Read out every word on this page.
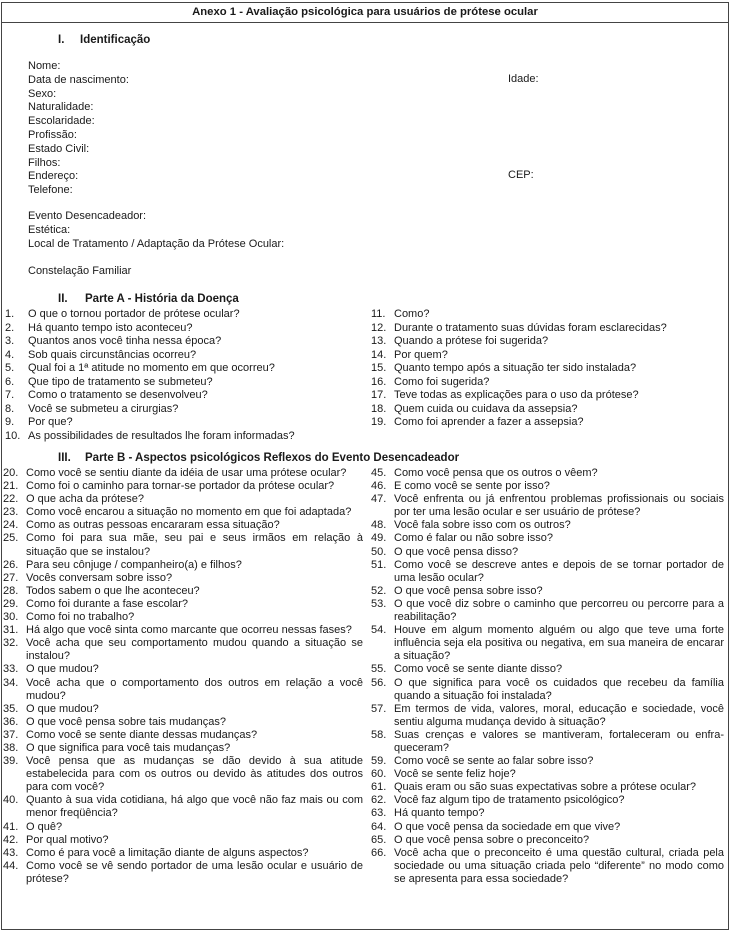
Anexo 1 - Avaliação psicológica para usuários de prótese ocular
I. Identificação
Nome:
Data de nascimento:
Sexo:
Naturalidade:
Escolaridade:
Profissão:
Estado Civil:
Filhos:
Endereço:
Telefone:
Idade:
CEP:
Evento Desencadeador:
Estética:
Local de Tratamento / Adaptação da Prótese Ocular:
Constelação Familiar
II. Parte A - História da Doença
1. O que o tornou portador de prótese ocular?
2. Há quanto tempo isto aconteceu?
3. Quantos anos você tinha nessa época?
4. Sob quais circunstâncias ocorreu?
5. Qual foi a 1ª atitude no momento em que ocorreu?
6. Que tipo de tratamento se submeteu?
7. Como o tratamento se desenvolveu?
8. Você se submeteu a cirurgias?
9. Por que?
10. As possibilidades de resultados lhe foram informadas?
11. Como?
12. Durante o tratamento suas dúvidas foram esclarecidas?
13. Quando a prótese foi sugerida?
14. Por quem?
15. Quanto tempo após a situação ter sido instalada?
16. Como foi sugerida?
17. Teve todas as explicações para o uso da prótese?
18. Quem cuida ou cuidava da assepsia?
19. Como foi aprender a fazer a assepsia?
III. Parte B - Aspectos psicológicos Reflexos do Evento Desencadeador
20. Como você se sentiu diante da idéia de usar uma prótese ocular?
21. Como foi o caminho para tornar-se portador da prótese ocular?
22. O que acha da prótese?
23. Como você encarou a situação no momento em que foi adaptada?
24. Como as outras pessoas encararam essa situação?
25. Como foi para sua mãe, seu pai e seus irmãos em relação à situação que se instalou?
26. Para seu cônjuge / companheiro(a) e filhos?
27. Vocês conversam sobre isso?
28. Todos sabem o que lhe aconteceu?
29. Como foi durante a fase escolar?
30. Como foi no trabalho?
31. Há algo que você sinta como marcante que ocorreu nessas fases?
32. Você acha que seu comportamento mudou quando a situação se instalou?
33. O que mudou?
34. Você acha que o comportamento dos outros em relação a você mudou?
35. O que mudou?
36. O que você pensa sobre tais mudanças?
37. Como você se sente diante dessas mudanças?
38. O que significa para você tais mudanças?
39. Você pensa que as mudanças se dão devido à sua atitude estabelecida para com os outros ou devido às atitudes dos outros para com você?
40. Quanto à sua vida cotidiana, há algo que você não faz mais ou com menor freqüência?
41. O quê?
42. Por qual motivo?
43. Como é para você a limitação diante de alguns aspectos?
44. Como você se vê sendo portador de uma lesão ocular e usuário de prótese?
45. Como você pensa que os outros o vêem?
46. E como você se sente por isso?
47. Você enfrenta ou já enfrentou problemas profissionais ou sociais por ter uma lesão ocular e ser usuário de prótese?
48. Você fala sobre isso com os outros?
49. Como é falar ou não sobre isso?
50. O que você pensa disso?
51. Como você se descreve antes e depois de se tornar portador de uma lesão ocular?
52. O que você pensa sobre isso?
53. O que você diz sobre o caminho que percorreu ou percorre para a reabilitação?
54. Houve em algum momento alguém ou algo que teve uma forte influência seja ela positiva ou negativa, em sua maneira de encarar a situação?
55. Como você se sente diante disso?
56. O que significa para você os cuidados que recebeu da família quando a situação foi instalada?
57. Em termos de vida, valores, moral, educação e sociedade, você sentiu alguma mudança devido à situação?
58. Suas crenças e valores se mantiveram, fortaleceram ou enfra-queceram?
59. Como você se sente ao falar sobre isso?
60. Você se sente feliz hoje?
61. Quais eram ou são suas expectativas sobre a prótese ocular?
62. Você faz algum tipo de tratamento psicológico?
63. Há quanto tempo?
64. O que você pensa da sociedade em que vive?
65. O que você pensa sobre o preconceito?
66. Você acha que o preconceito é uma questão cultural, criada pela sociedade ou uma situação criada pelo “diferente” no modo como se apresenta para essa sociedade?
